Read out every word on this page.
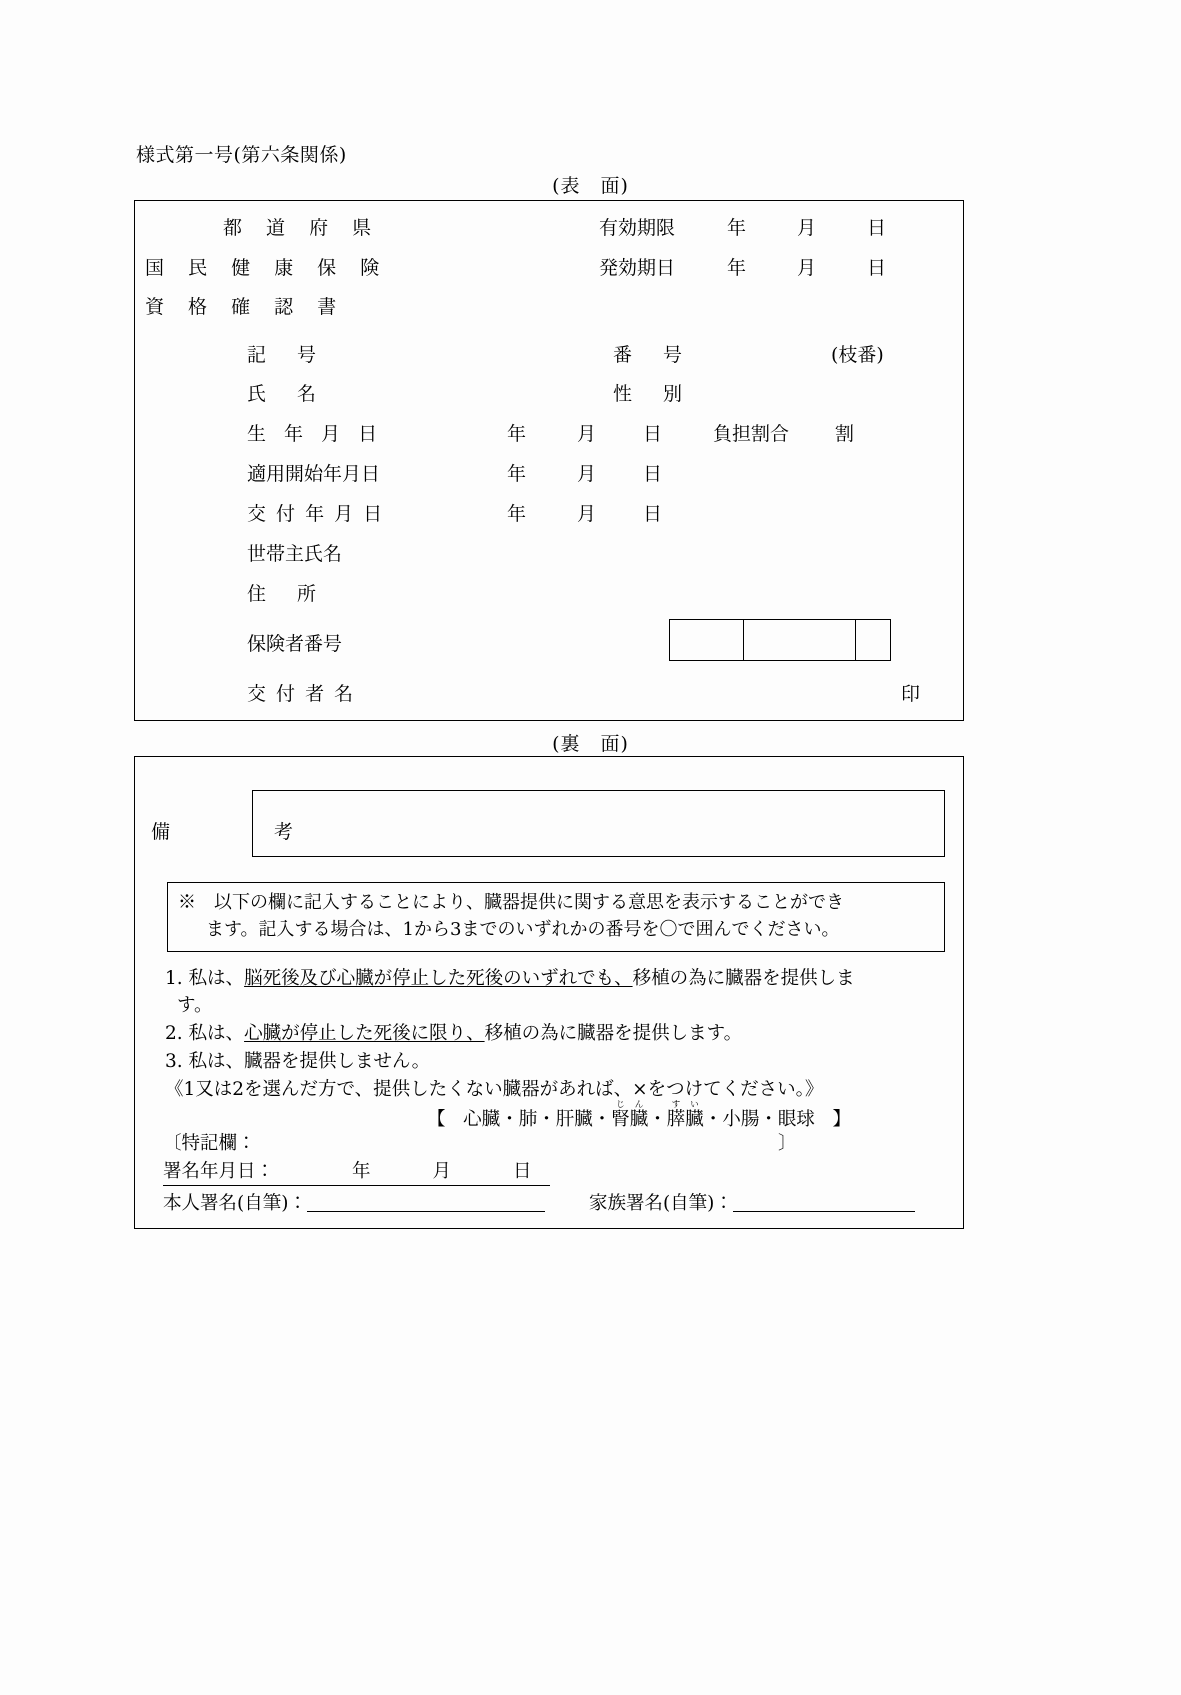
様式第一号(第六条関係)
(表　面)
都 道 府 県
国 民 健 康 保 険
資 格 確 認 書
有効期限	年	月	日
発効期日	年	月	日
記　号	番　号	(枝番)
氏　名	性　別
生 年 月 日	年	月 日	負担割合 割
適用開始年月日	年	月 日
交 付 年 月 日	年	月 日
世帯主氏名
住　所
保険者番号
交 付 者 名	印
(裏　面)
備　　考
※　以下の欄に記入することにより、臓器提供に関する意思を表示することができ
ます。記入する場合は、1から3までのいずれかの番号を〇で囲んでください。
1. 私は、脳死後及び心臓が停止した死後のいずれでも、移植の為に臓器を提供しま
す。
2. 私は、心臓が停止した死後に限り、移植の為に臓器を提供します。
3. 私は、臓器を提供しません。
《1又は2を選んだ方で、提供したくない臓器があれば、×をつけてください。》
【 心臓・肺・肝臓・腎臓じん・膵臓すい・小腸・眼球 】
〔特記欄：	〕
署名年月日：	年	月	日
本人署名(自筆)：	家族署名(自筆)：
